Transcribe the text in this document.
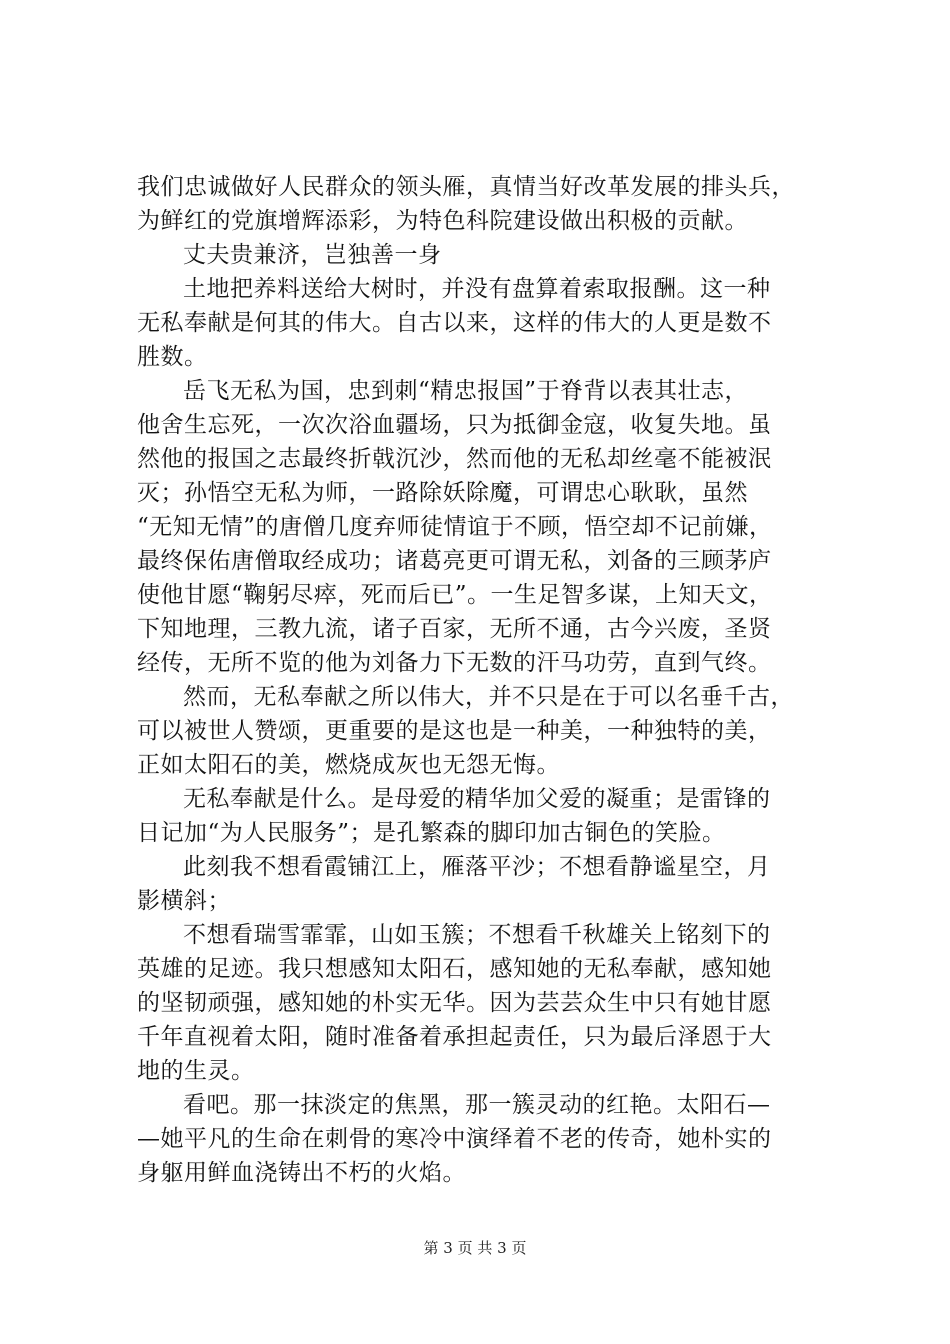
我们忠诚做好人民群众的领头雁，真情当好改革发展的排头兵，
为鲜红的党旗增辉添彩，为特色科院建设做出积极的贡献。
丈夫贵兼济，岂独善一身
土地把养料送给大树时，并没有盘算着索取报酬。这一种
无私奉献是何其的伟大。自古以来，这样的伟大的人更是数不
胜数。
岳飞无私为国，忠到刺“精忠报国”于脊背以表其壮志，
他舍生忘死，一次次浴血疆场，只为抵御金寇，收复失地。虽
然他的报国之志最终折戟沉沙，然而他的无私却丝毫不能被泯
灭；孙悟空无私为师，一路除妖除魔，可谓忠心耿耿，虽然
“无知无情”的唐僧几度弃师徒情谊于不顾，悟空却不记前嫌，
最终保佑唐僧取经成功；诸葛亮更可谓无私，刘备的三顾茅庐
使他甘愿“鞠躬尽瘁，死而后已”。一生足智多谋，上知天文，
下知地理，三教九流，诸子百家，无所不通，古今兴废，圣贤
经传，无所不览的他为刘备力下无数的汗马功劳，直到气终。
然而，无私奉献之所以伟大，并不只是在于可以名垂千古，
可以被世人赞颂，更重要的是这也是一种美，一种独特的美，
正如太阳石的美，燃烧成灰也无怨无悔。
无私奉献是什么。是母爱的精华加父爱的凝重；是雷锋的
日记加“为人民服务”；是孔繁森的脚印加古铜色的笑脸。
此刻我不想看霞铺江上，雁落平沙；不想看静谧星空，月
影横斜；
不想看瑞雪霏霏，山如玉簇；不想看千秋雄关上铭刻下的
英雄的足迹。我只想感知太阳石，感知她的无私奉献，感知她
的坚韧顽强，感知她的朴实无华。因为芸芸众生中只有她甘愿
千年直视着太阳，随时准备着承担起责任，只为最后泽恩于大
地的生灵。
看吧。那一抹淡定的焦黑，那一簇灵动的红艳。太阳石—
—她平凡的生命在刺骨的寒冷中演绎着不老的传奇，她朴实的
身躯用鲜血浇铸出不朽的火焰。
第 3 页 共 3 页
